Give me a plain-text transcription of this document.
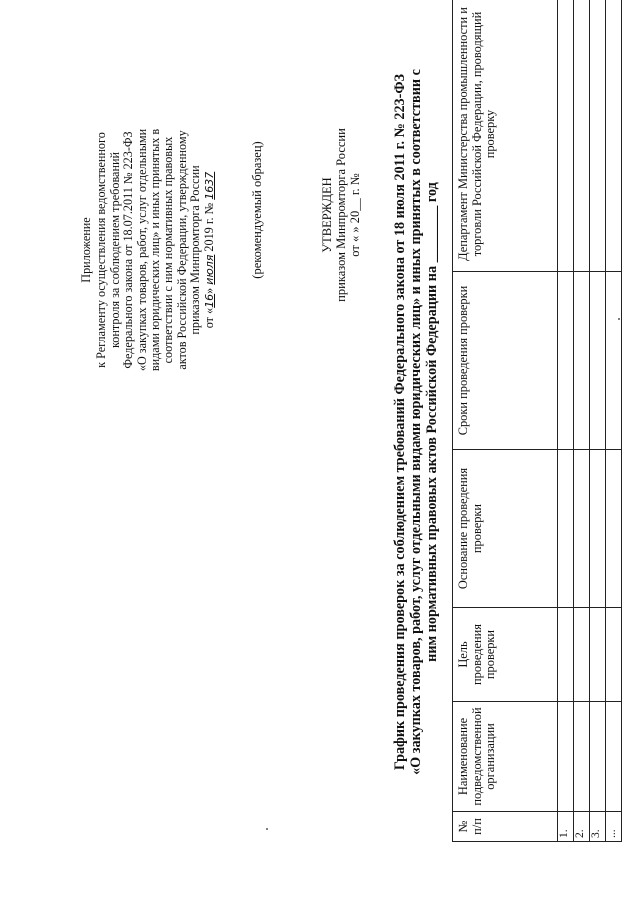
Приложение к Регламенту осуществления ведомственного контроля за соблюдением требований Федерального закона от 18.07.2011 № 223-ФЗ «О закупках товаров, работ, услуг отдельными видами юридических лиц» и иных принятых в соответствии с ним нормативных правовых актов Российской Федерации, утвержденному приказом Минпромторга России от «16» июля 2019 г. № 1637	(рекомендуемый образец)	УТВЕРЖДЕН приказом Минпромторга России от « » 20__ г. № График проведения проверок за соблюдением требований Федерального закона от 18 июля 2011 г. № 223-ФЗ «О закупках товаров, работ, услуг отдельными видами юридических лиц» и иных принятых в соответствии с ним нормативных правовых актов Российской Федерации на ________ год
№ п/п	Наименование подведомственной организации	Цель проведения проверки	Основание проведения проверки	Сроки проведения проверки	Департамент Министерства промышленности и торговли Российской Федерации, проводящий проверку
1.					
2.					
3.					
...					
